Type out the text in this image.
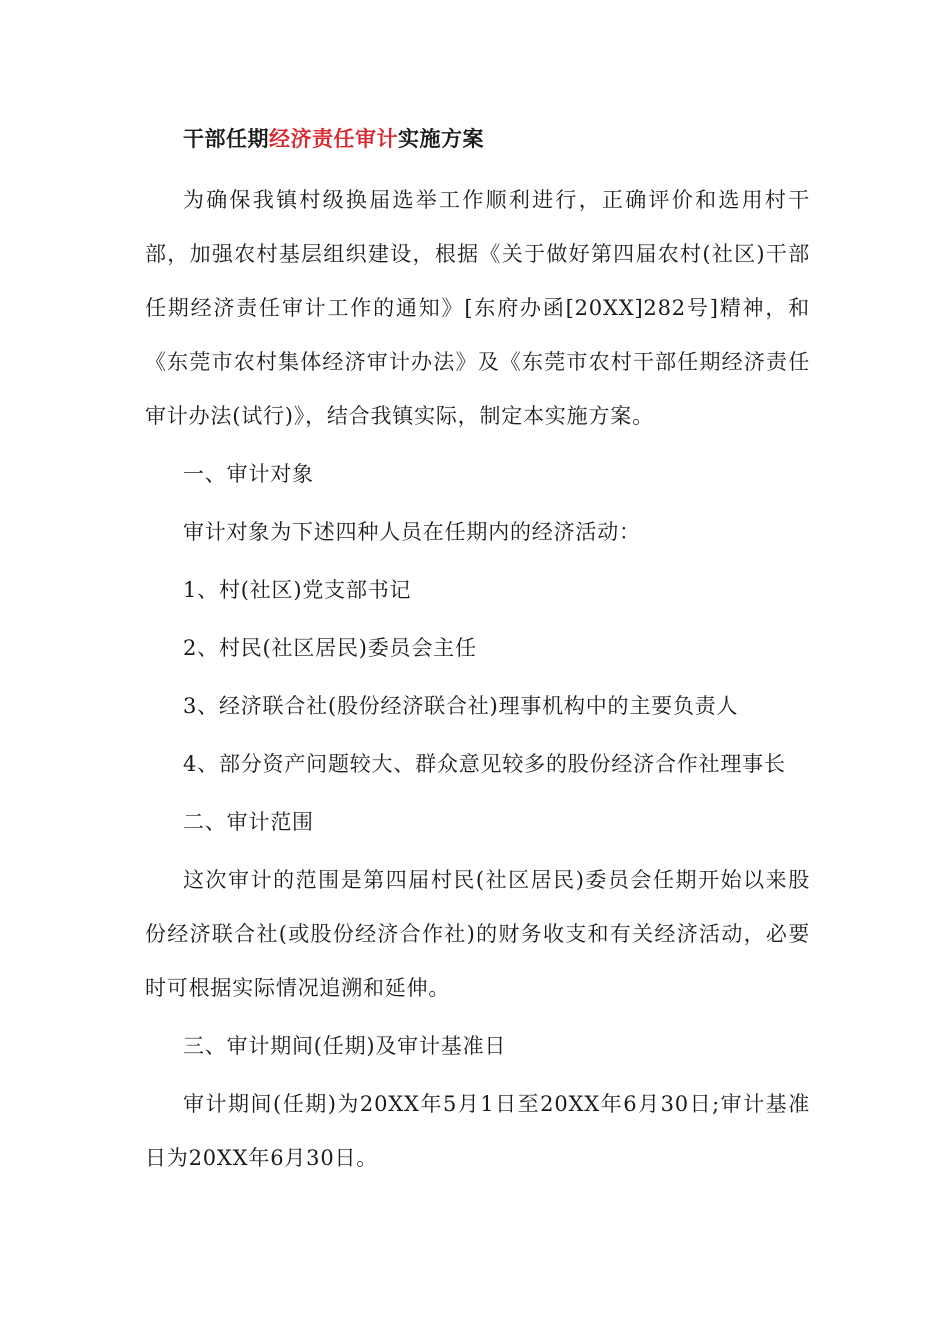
干部任期经济责任审计实施方案

为确保我镇村级换届选举工作顺利进行，正确评价和选用村干部，加强农村基层组织建设，根据《关于做好第四届农村(社区)干部任期经济责任审计工作的通知》[东府办函[20XX]282号]精神，和《东莞市农村集体经济审计办法》及《东莞市农村干部任期经济责任审计办法(试行)》，结合我镇实际，制定本实施方案。

一、审计对象

审计对象为下述四种人员在任期内的经济活动：

1、村(社区)党支部书记

2、村民(社区居民)委员会主任

3、经济联合社(股份经济联合社)理事机构中的主要负责人

4、部分资产问题较大、群众意见较多的股份经济合作社理事长

二、审计范围

这次审计的范围是第四届村民(社区居民)委员会任期开始以来股份经济联合社(或股份经济合作社)的财务收支和有关经济活动，必要时可根据实际情况追溯和延伸。

三、审计期间(任期)及审计基准日

审计期间(任期)为20XX年5月1日至20XX年6月30日;审计基准日为20XX年6月30日。
